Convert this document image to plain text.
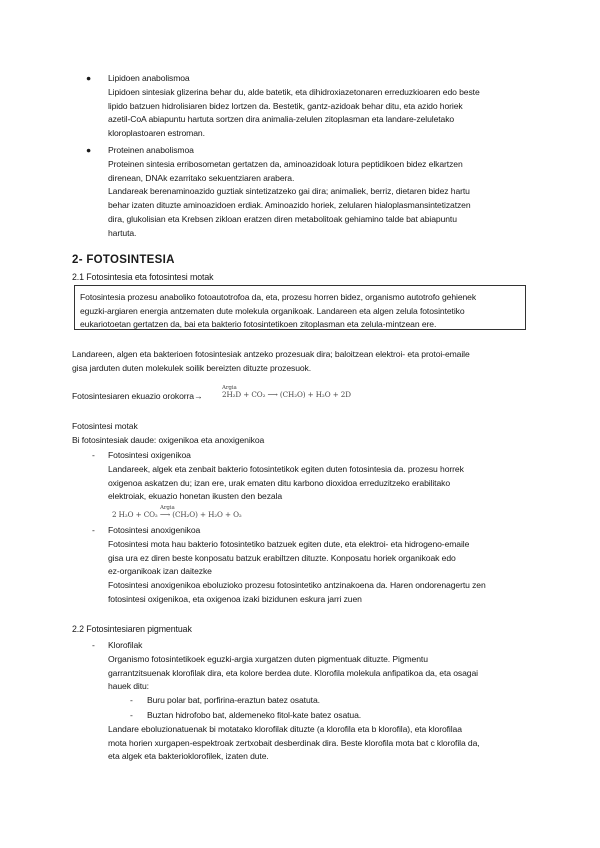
● Lipidoen anabolismoa

Lipidoen sintesiak glizerina behar du, alde batetik, eta dihidroxiazetonaren erreduzkioaren edo beste

lipido batzuen hidrolisiaren bidez lortzen da. Bestetik, gantz-azidoak behar ditu, eta azido horiek

azetil-CoA abiapuntu hartuta sortzen dira animalia-zelulen zitoplasman eta landare-zeluletako

kloroplastoaren estroman.

● Proteinen anabolismoa

Proteinen sintesia erribosometan gertatzen da, aminoazidoak lotura peptidikoen bidez elkartzen

direnean, DNAk ezarritako sekuentziaren arabera.

Landareak berenaminoazido guztiak sintetizatzeko gai dira; animaliek, berriz, dietaren bidez hartu

behar izaten dituzte aminoazidoen erdiak. Aminoazido horiek, zelularen hialoplasmansintetizatzen

dira, glukolisian eta Krebsen zikloan eratzen diren metabolitoak gehiamino talde bat abiapuntu

hartuta.

2- FOTOSINTESIA
2.1 Fotosintesia eta fotosintesi motak

Fotosintesia prozesu anaboliko fotoautotrofoa da, eta, prozesu horren bidez, organismo autotrofo gehienek

eguzki-argiaren energia antzematen dute molekula organikoak. Landareen eta algen zelula fotosintetiko

eukariotoetan gertatzen da, bai eta bakterio fotosintetikoen zitoplasman eta zelula-mintzean ere.

Landareen, algen eta bakterioen fotosintesiak antzeko prozesuak dira; baloitzean elektroi- eta protoi-emaile

gisa jarduten duten molekulek soilik bereizten dituzte prozesuok.

Fotosintesiaren ekuazio orokorra→
Argia
2H₂D + CO₂ ⟶ (CH₂O) + H₂O + 2D
Fotosintesi motak
Bi fotosintesiak daude: oxigenikoa eta anoxigenikoa
- Fotosintesi oxigenikoa

Landareek, algek eta zenbait bakterio fotosintetikok egiten duten fotosintesia da. prozesu horrek

oxigenoa askatzen du; izan ere, urak ematen ditu karbono dioxidoa erreduzitzeko erabilitako

elektroiak, ekuazio honetan ikusten den bezala

Argia
2 H₂O + CO₂ ⟶ (CH₂O) + H₂O + O₂
- Fotosintesi anoxigenikoa

Fotosintesi mota hau bakterio fotosintetiko batzuek egiten dute, eta elektroi- eta hidrogeno-emaile

gisa ura ez diren beste konposatu batzuk erabiltzen dituzte. Konposatu horiek organikoak edo

ez-organikoak izan daitezke

Fotosintesi anoxigenikoa eboluzioko prozesu fotosintetiko antzinakoena da. Haren ondorenagertu zen

fotosintesi oxigenikoa, eta oxigenoa izaki bizidunen eskura jarri zuen

2.2 Fotosintesiaren pigmentuak
- Klorofilak

Organismo fotosintetikoek eguzki-argia xurgatzen duten pigmentuak dituzte. Pigmentu

garrantzitsuenak klorofilak dira, eta kolore berdea dute. Klorofila molekula anfipatikoa da, eta osagai

hauek ditu:

- Buru polar bat, porfirina-eraztun batez osatuta.
- Buztan hidrofobo bat, aldemeneko fitol-kate batez osatua.

Landare eboluzionatuenak bi motatako klorofilak dituzte (a klorofila eta b klorofila), eta klorofilaa

mota horien xurgapen-espektroak zertxobait desberdinak dira. Beste klorofila mota bat c klorofila da,

eta algek eta bakterioklorofilek, izaten dute.
